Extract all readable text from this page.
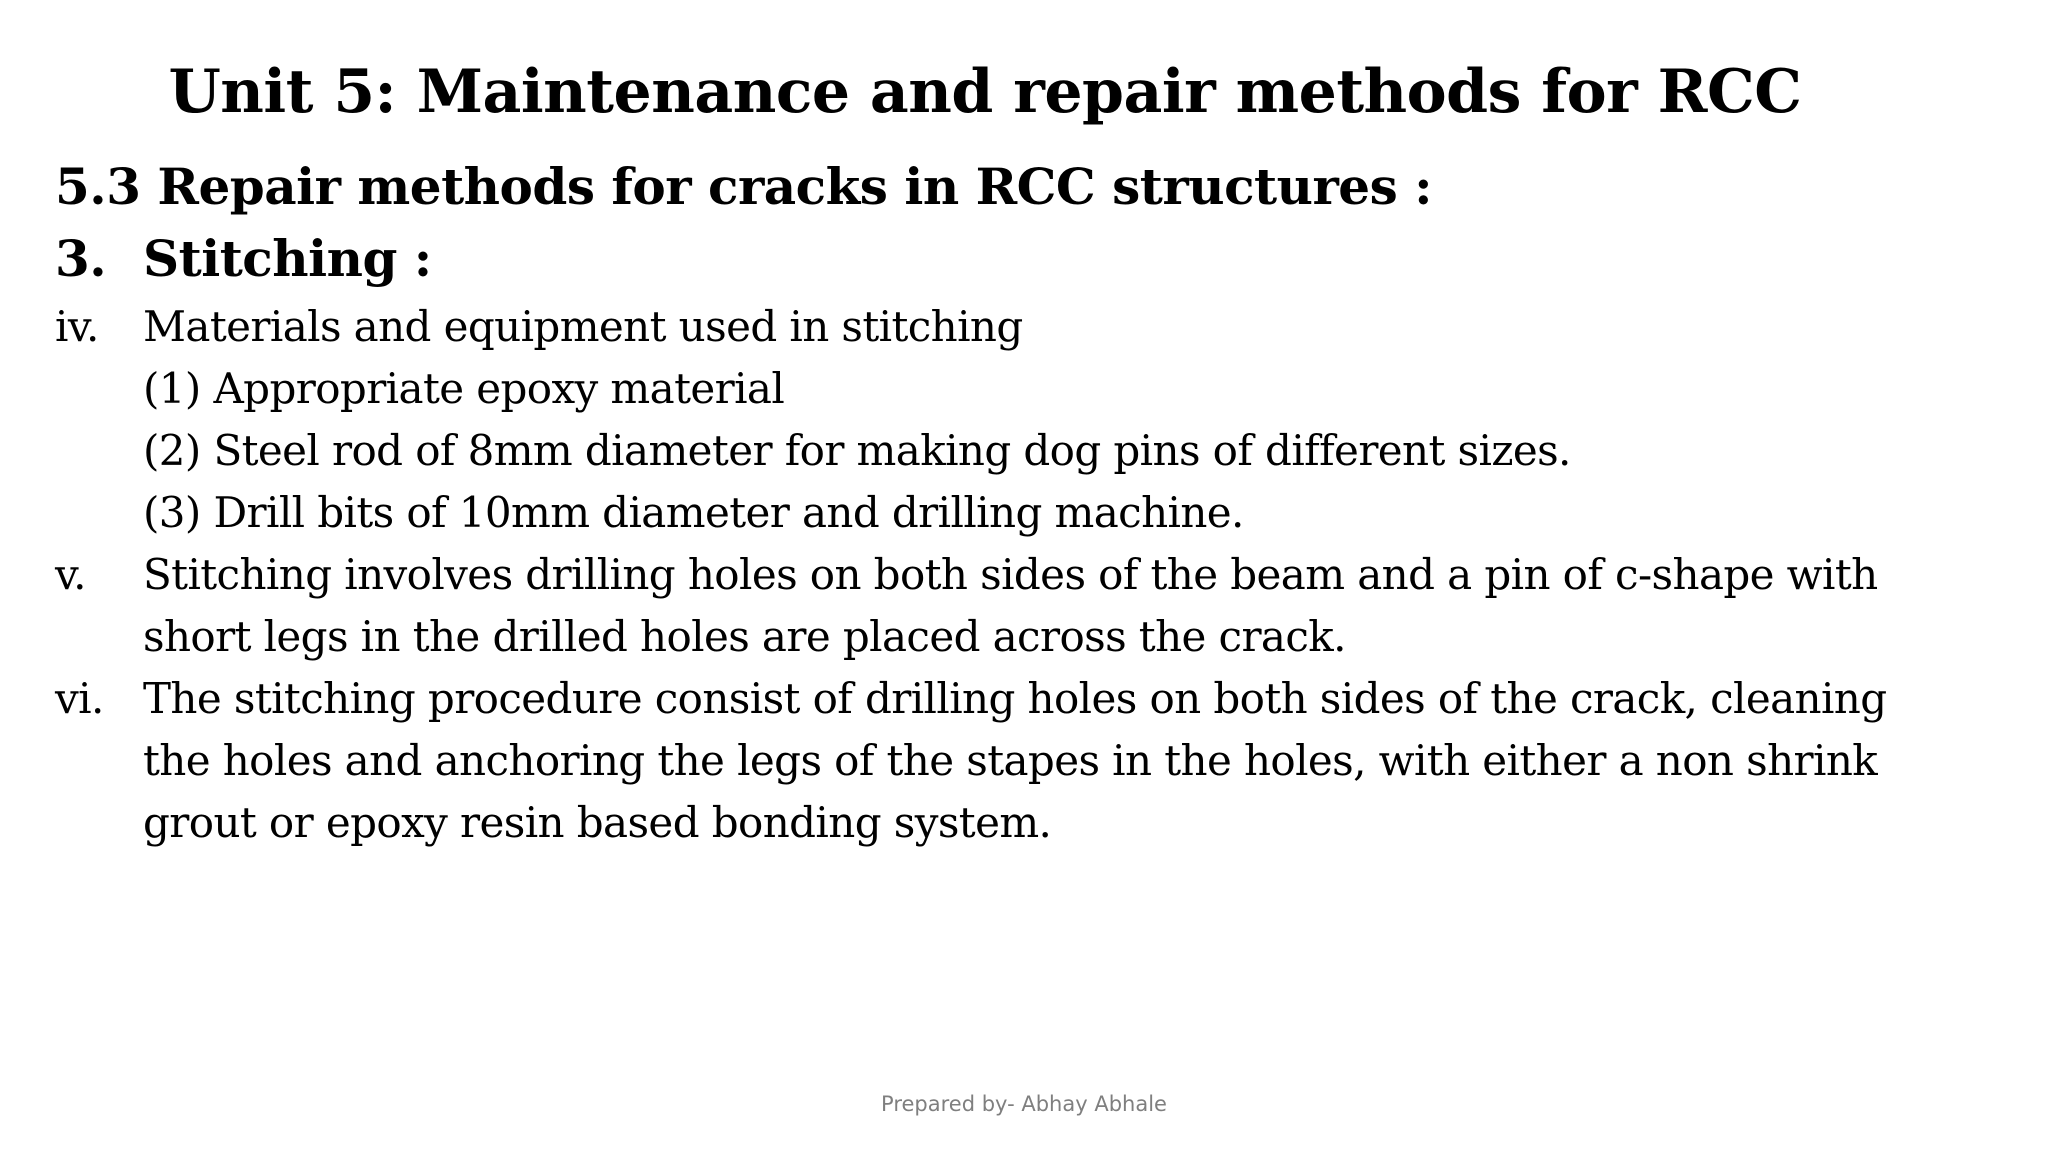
Unit 5: Maintenance and repair methods for RCC
5.3 Repair methods for cracks in RCC structures :
3. Stitching :
iv.	Materials and equipment used in stitching
(1) Appropriate epoxy material
(2) Steel rod of 8mm diameter for making dog pins of different sizes.
(3) Drill bits of 10mm diameter and drilling machine.
v.	Stitching involves drilling holes on both sides of the beam and a pin of c-shape with
short legs in the drilled holes are placed across the crack.
vi. The stitching procedure consist of drilling holes on both sides of the crack, cleaning
the holes and anchoring the legs of the stapes in the holes, with either a non shrink
grout or epoxy resin based bonding system.
Prepared by- Abhay Abhale
